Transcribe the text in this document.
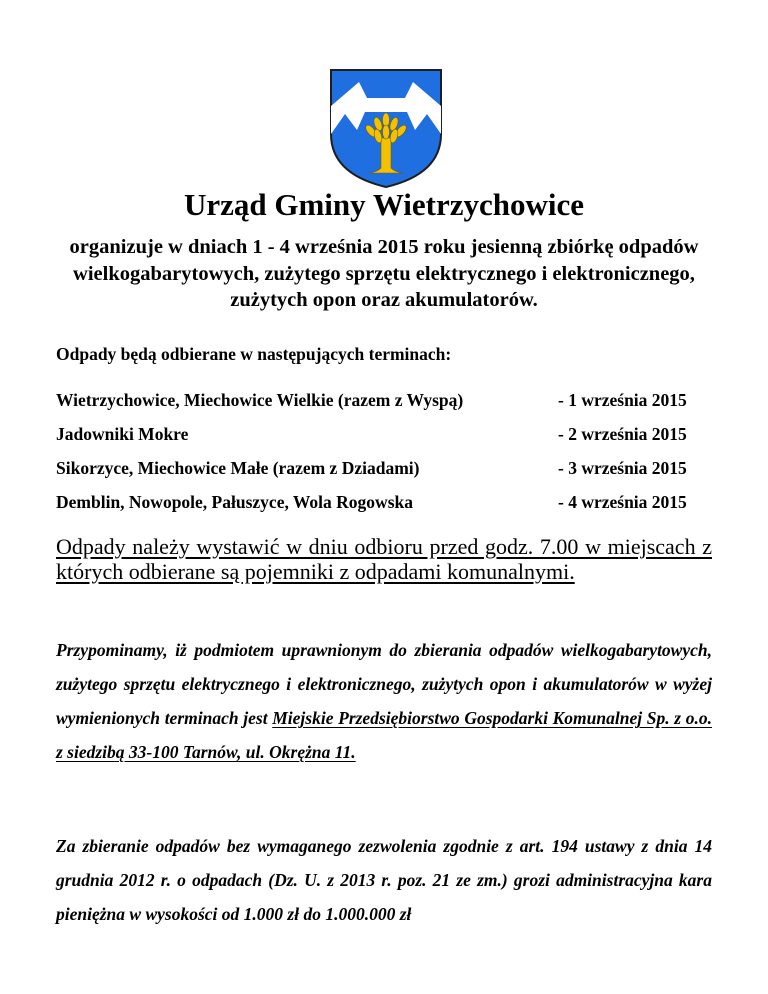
Urząd Gminy Wietrzychowice
organizuje w dniach 1 - 4 września 2015 roku jesienną zbiórkę odpadów wielkogabarytowych, zużytego sprzętu elektrycznego i elektronicznego, zużytych opon oraz akumulatorów.
Odpady będą odbierane w następujących terminach:
Wietrzychowice, Miechowice Wielkie (razem z Wyspą)	- 1 września 2015
Jadowniki Mokre	- 2 września 2015
Sikorzyce, Miechowice Małe (razem z Dziadami)	- 3 września 2015
Demblin, Nowopole, Pałuszyce, Wola Rogowska	- 4 września 2015
Odpady należy wystawić w dniu odbioru przed godz. 7.00 w miejscach z których odbierane są pojemniki z odpadami komunalnymi.
Przypominamy, iż podmiotem uprawnionym do zbierania odpadów wielkogabarytowych, zużytego sprzętu elektrycznego i elektronicznego, zużytych opon i akumulatorów w wyżej wymienionych terminach jest Miejskie Przedsiębiorstwo Gospodarki Komunalnej Sp. z o.o. z siedzibą 33-100 Tarnów, ul. Okrężna 11.
Za zbieranie odpadów bez wymaganego zezwolenia zgodnie z art. 194 ustawy z dnia 14 grudnia 2012 r. o odpadach (Dz. U. z 2013 r. poz. 21 ze zm.) grozi administracyjna kara pieniężna w wysokości od 1.000 zł do 1.000.000 zł
